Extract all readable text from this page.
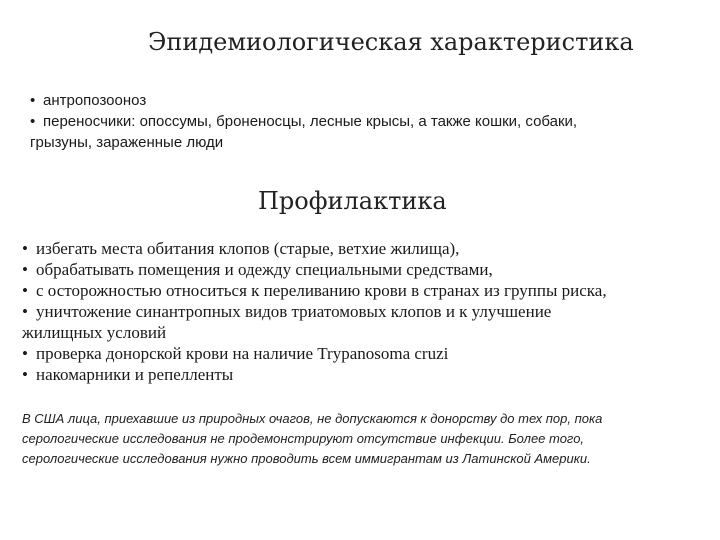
Эпидемиологическая характеристика
• антропозооноз
• переносчики: опоссумы, броненосцы, лесные крысы, а также кошки, собаки,
грызуны, зараженные люди
Профилактика
• избегать места обитания клопов (старые, ветхие жилища),
• обрабатывать помещения и одежду специальными средствами,
• с осторожностью относиться к переливанию крови в странах из группы риска,
• уничтожение синантропных видов триатомовых клопов и к улучшение
жилищных условий
• проверка донорской крови на наличие Trypanosoma cruzi
• накомарники и репелленты
В США лица, приехавшие из природных очагов, не допускаются к донорству до тех пор, пока
серологические исследования не продемонстрируют отсутствие инфекции. Более того,
серологические исследования нужно проводить всем иммигрантам из Латинской Америки.
